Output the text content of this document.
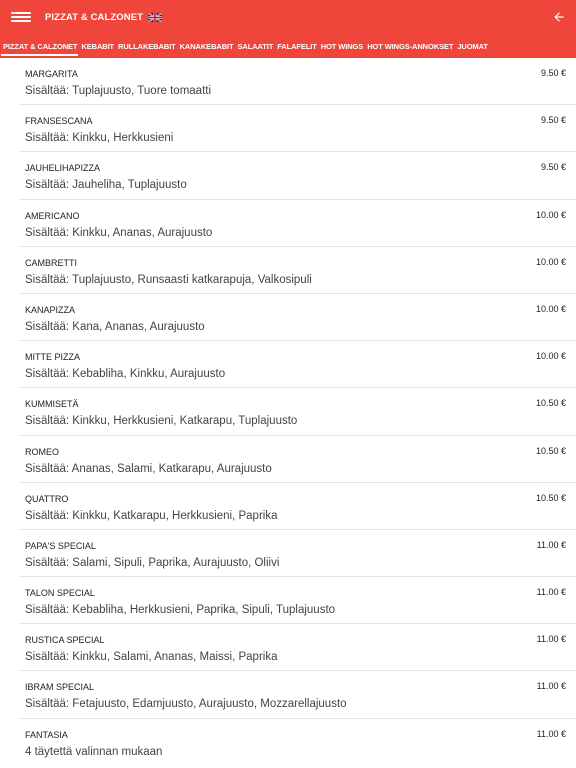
PIZZAT & CALZONET
PIZZAT & CALZONET KEBABIT RULLAKEBABIT KANAKEBABIT SALAATIT FALAFELIT HOT WINGS HOT WINGS-ANNOKSET JUOMAT
MARGARITA
Sisältää: Tuplajuusto, Tuore tomaatti
9.50 €
FRANSESCANA
Sisältää: Kinkku, Herkkusieni
9.50 €
JAUHELIHAPIZZA
Sisältää: Jauheliha, Tuplajuusto
9.50 €
AMERICANO
Sisältää: Kinkku, Ananas, Aurajuusto
10.00 €
CAMBRETTI
Sisältää: Tuplajuusto, Runsaasti katkarapuja, Valkosipuli
10.00 €
KANAPIZZA
Sisältää: Kana, Ananas, Aurajuusto
10.00 €
MITTE PIZZA
Sisältää: Kebabliha, Kinkku, Aurajuusto
10.00 €
KUMMISETÄ
Sisältää: Kinkku, Herkkusieni, Katkarapu, Tuplajuusto
10.50 €
ROMEO
Sisältää: Ananas, Salami, Katkarapu, Aurajuusto
10.50 €
QUATTRO
Sisältää: Kinkku, Katkarapu, Herkkusieni, Paprika
10.50 €
PAPA'S SPECIAL
Sisältää: Salami, Sipuli, Paprika, Aurajuusto, Oliivi
11.00 €
TALON SPECIAL
Sisältää: Kebabliha, Herkkusieni, Paprika, Sipuli, Tuplajuusto
11.00 €
RUSTICA SPECIAL
Sisältää: Kinkku, Salami, Ananas, Maissi, Paprika
11.00 €
IBRAM SPECIAL
Sisältää: Fetajuusto, Edamjuusto, Aurajuusto, Mozzarellajuusto
11.00 €
FANTASIA
4 täytettä valinnan mukaan
11.00 €
